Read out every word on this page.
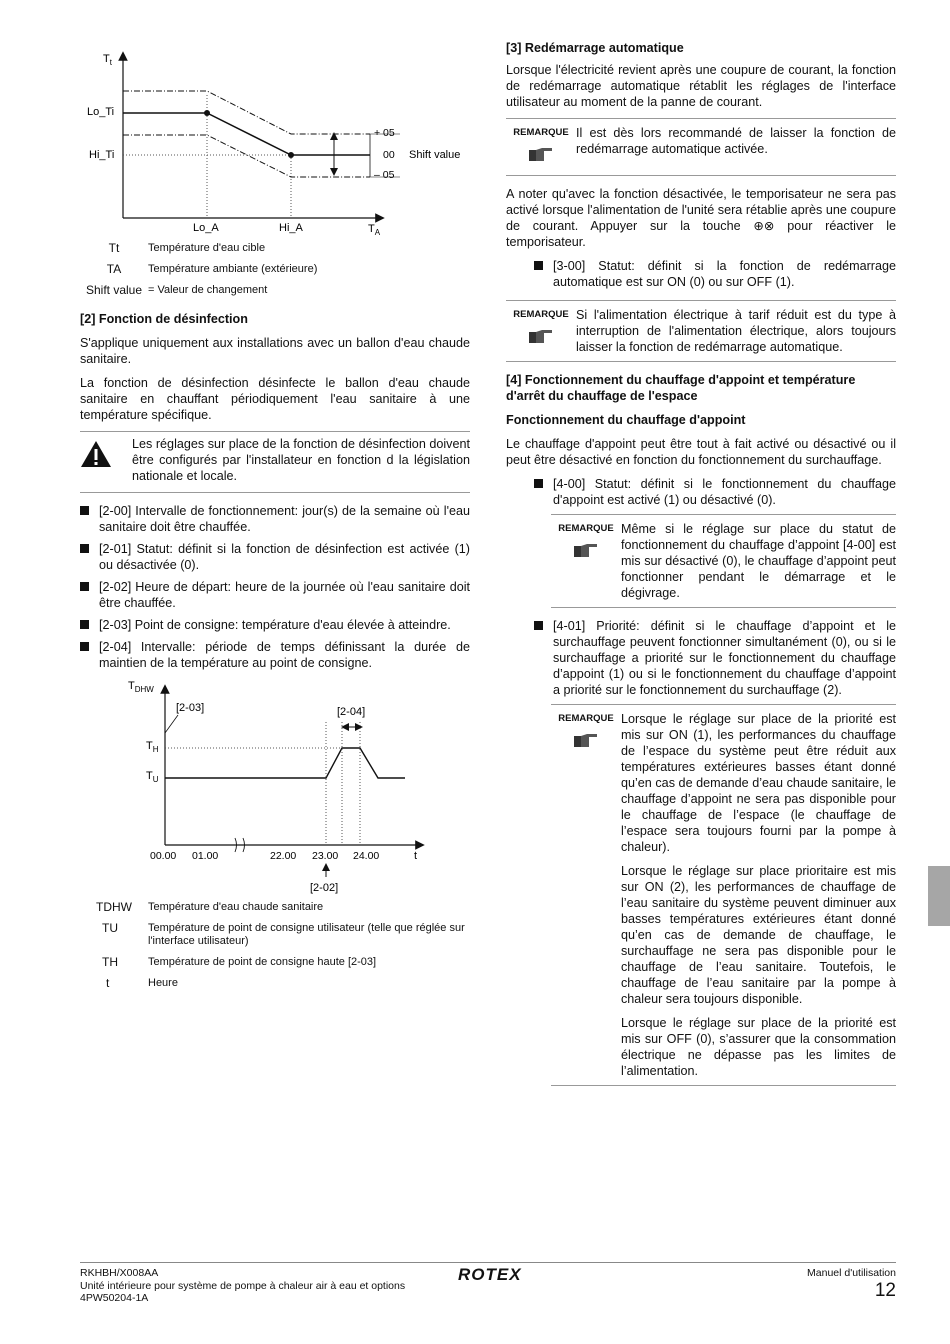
$T_t$
Lo_Ti
Hi_Ti
+ 05
00
– 05
Shift value
Lo_A	Hi_A	$T_A$
Tt	Température d'eau cible
TA	Température ambiante (extérieure)
Shift value = Valeur de changement
[2] Fonction de désinfection

S'applique uniquement aux installations avec un ballon d'eau chaude sanitaire.

La fonction de désinfection désinfecte le ballon d'eau chaude sanitaire en chauffant périodiquement l'eau sanitaire à une température spécifique.

Les réglages sur place de la fonction de désinfection doivent être configurés par l'installateur en fonction d la législation nationale et locale.
[2-00] Intervalle de fonctionnement: jour(s) de la semaine où l'eau sanitaire doit être chauffée.
[2-01] Statut: définit si la fonction de désinfection est activée (1) ou désactivée (0).
[2-02] Heure de départ: heure de la journée où l'eau sanitaire doit être chauffée.
[2-03] Point de consigne: température d'eau élevée à atteindre.
[2-04] Intervalle: période de temps définissant la durée de maintien de la température au point de consigne.
$T_{DHW}$
[2-03]	[2-04]
$T_H$
$T_U$
00.00 01.00	22.00 23.00 24.00	t
[2-02]
TDHW	Température d'eau chaude sanitaire
TU	Température de point de consigne utilisateur (telle que réglée sur l'interface utilisateur)
TH	Température de point de consigne haute [2-03]
t	Heure
[3] Redémarrage automatique

Lorsque l'électricité revient après une coupure de courant, la fonction de redémarrage automatique rétablit les réglages de l'interface utilisateur au moment de la panne de courant.

REMARQUE Il est dès lors recommandé de laisser la fonction de redémarrage automatique activée.

A noter qu'avec la fonction désactivée, le temporisateur ne sera pas activé lorsque l'alimentation de l'unité sera rétablie après une coupure de courant. Appuyer sur la touche ⊕⊗ pour réactiver le temporisateur.

[3-00] Statut: définit si la fonction de redémarrage automatique est sur ON (0) ou sur OFF (1).
REMARQUE Si l'alimentation électrique à tarif réduit est du type à interruption de l'alimentation électrique, alors toujours laisser la fonction de redémarrage automatique.
[4] Fonctionnement du chauffage d'appoint et température d'arrêt du chauffage de l'espace
Fonctionnement du chauffage d'appoint

Le chauffage d'appoint peut être tout à fait activé ou désactivé ou il peut être désactivé en fonction du fonctionnement du surchauffage.

[4-00] Statut: définit si le fonctionnement du chauffage d'appoint est activé (1) ou désactivé (0).
REMARQUE Même si le réglage sur place du statut de fonctionnement du chauffage d’appoint [4-00] est mis sur désactivé (0), le chauffage d’appoint peut fonctionner pendant le démarrage et le dégivrage.
[4-01] Priorité: définit si le chauffage d’appoint et le surchauffage peuvent fonctionner simultanément (0), ou si le surchauffage a priorité sur le fonctionnement du chauffage d’appoint (1) ou si le fonctionnement du chauffage d’appoint a priorité sur le fonctionnement du surchauffage (2).
REMARQUE Lorsque le réglage sur place de la priorité est mis sur ON (1), les performances du chauffage de l’espace du système peut être réduit aux températures extérieures basses étant donné qu’en cas de demande d’eau chaude sanitaire, le chauffage d’appoint ne sera pas disponible pour le chauffage de l’espace (le chauffage de l’espace sera toujours fourni par la pompe à chaleur).

Lorsque le réglage sur place prioritaire est mis sur ON (2), les performances de chauffage de l’eau sanitaire du système peuvent diminuer aux basses températures extérieures étant donné qu’en cas de demande de chauffage, le surchauffage ne sera pas disponible pour le chauffage de l’eau sanitaire. Toutefois, le chauffage de l’eau sanitaire par la pompe à chaleur sera toujours disponible.

Lorsque le réglage sur place de la priorité est mis sur OFF (0), s’assurer que la consommation électrique ne dépasse pas les limites de l’alimentation.

RKHBH/X008AA
Unité intérieure pour système de pompe à chaleur air à eau et options
4PW50204-1A
ROTEX	Manuel d'utilisation
12
